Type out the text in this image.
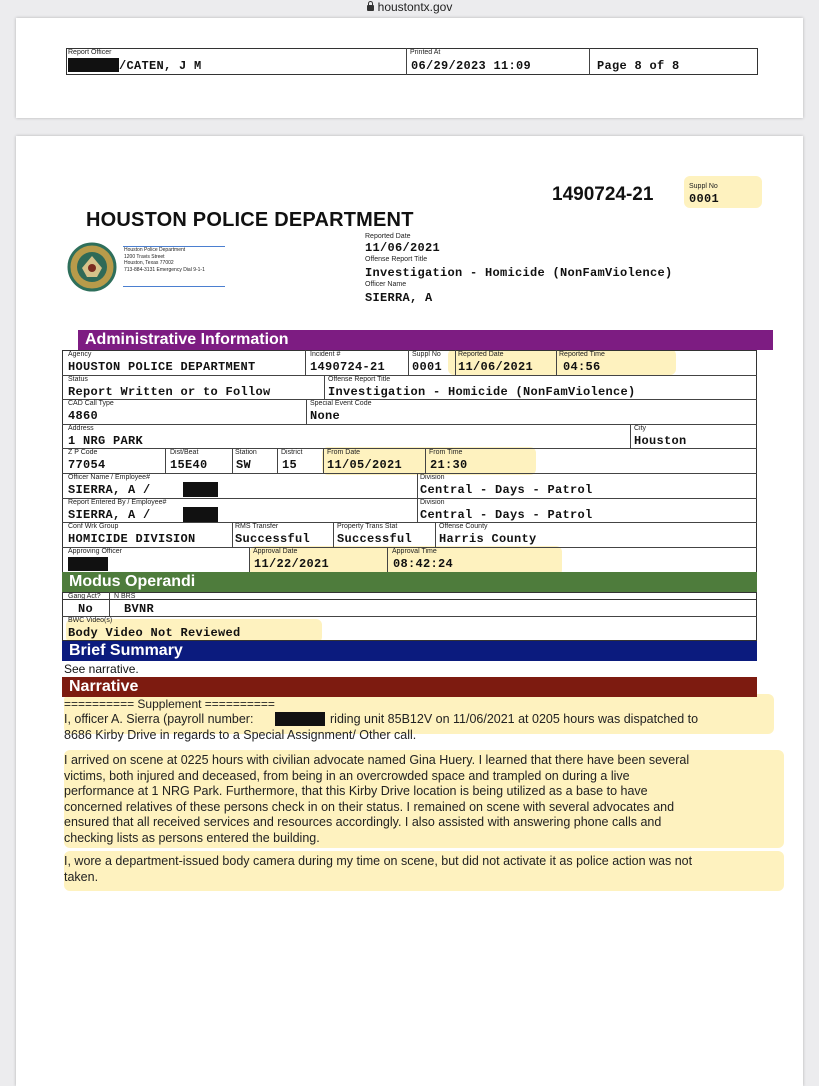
houstontx.gov
Report Officer
/CATEN, J M
Printed At
06/29/2023 11:09	Page 8 of 8
1490724-21	Suppl No
0001
HOUSTON POLICE DEPARTMENT
Reported Date
11/06/2021
Offense Report Title
Investigation - Homicide (NonFamViolence)
Officer Name
SIERRA, A
Houston Police Department
1200 Travis Street
Houston, Texas 77002
713-884-3131 Emergency Dial 9-1-1
Administrative Information
Agency
HOUSTON POLICE DEPARTMENT
Incident #
1490724-21
Suppl No
0001
Reported Date
11/06/2021
Reported Time
04:56
Status
Report Written or to Follow
Offense Report Title
Investigation - Homicide (NonFamViolence)
CAD Call Type
4860
Special Event Code
None
Address
1 NRG PARK
City
Houston
Z P Code
77054
Dist/Beat
15E40
Station
SW
District
15
From Date
11/05/2021
From Time
21:30
Officer Name / Employee#
SIERRA, A /
Division
Central - Days - Patrol
Report Entered By / Employee#
SIERRA, A /
Division
Central - Days - Patrol
Conf Wrk Group
HOMICIDE DIVISION
RMS Transfer
Successful
Property Trans Stat
Successful
Offense County
Harris County
Approving Officer	Approval Date
11/22/2021
Approval Time
08:42:24
Modus Operandi
Gang Act?
No
N BRS
BVNR
BWC Video(s)
Body Video Not Reviewed
Brief Summary
See narrative.
Narrative
========== Supplement ==========
I, officer A. Sierra (payroll number:	riding unit 85B12V on 11/06/2021 at 0205 hours was dispatched to
8686 Kirby Drive in regards to a Special Assignment/ Other call.
I arrived on scene at 0225 hours with civilian advocate named Gina Huery. I learned that there have been several
victims, both injured and deceased, from being in an overcrowded space and trampled on during a live
performance at 1 NRG Park. Furthermore, that this Kirby Drive location is being utilized as a base to have
concerned relatives of these persons check in on their status. I remained on scene with several advocates and
ensured that all received services and resources accordingly. I also assisted with answering phone calls and
checking lists as persons entered the building.
I, wore a department-issued body camera during my time on scene, but did not activate it as police action was not
taken.
